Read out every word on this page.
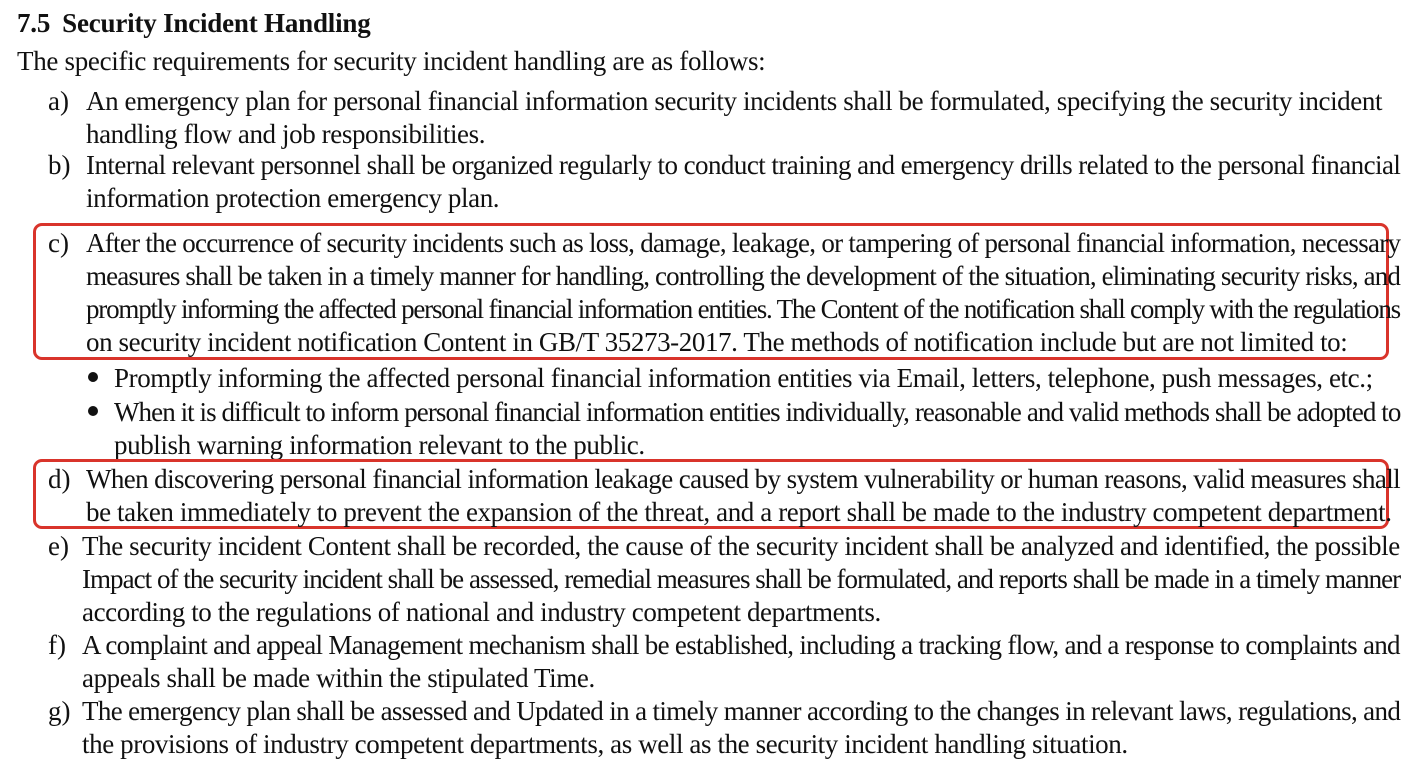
7.5 Security Incident Handling
The specific requirements for security incident handling are as follows:
a) An emergency plan for personal financial information security incidents shall be formulated, specifying the security incident
handling flow and job responsibilities.
b) Internal relevant personnel shall be organized regularly to conduct training and emergency drills related to the personal financial
information protection emergency plan.
c) After the occurrence of security incidents such as loss, damage, leakage, or tampering of personal financial information, necessary
measures shall be taken in a timely manner for handling, controlling the development of the situation, eliminating security risks, and
promptly informing the affected personal financial information entities. The Content of the notification shall comply with the regulations
on security incident notification Content in GB/T 35273-2017. The methods of notification include but are not limited to:
Promptly informing the affected personal financial information entities via Email, letters, telephone, push messages, etc.;
When it is difficult to inform personal financial information entities individually, reasonable and valid methods shall be adopted to
publish warning information relevant to the public.
d) When discovering personal financial information leakage caused by system vulnerability or human reasons, valid measures shall
be taken immediately to prevent the expansion of the threat, and a report shall be made to the industry competent department.
e) The security incident Content shall be recorded, the cause of the security incident shall be analyzed and identified, the possible
Impact of the security incident shall be assessed, remedial measures shall be formulated, and reports shall be made in a timely manner
according to the regulations of national and industry competent departments.
f) A complaint and appeal Management mechanism shall be established, including a tracking flow, and a response to complaints and
appeals shall be made within the stipulated Time.
g) The emergency plan shall be assessed and Updated in a timely manner according to the changes in relevant laws, regulations, and
the provisions of industry competent departments, as well as the security incident handling situation.
